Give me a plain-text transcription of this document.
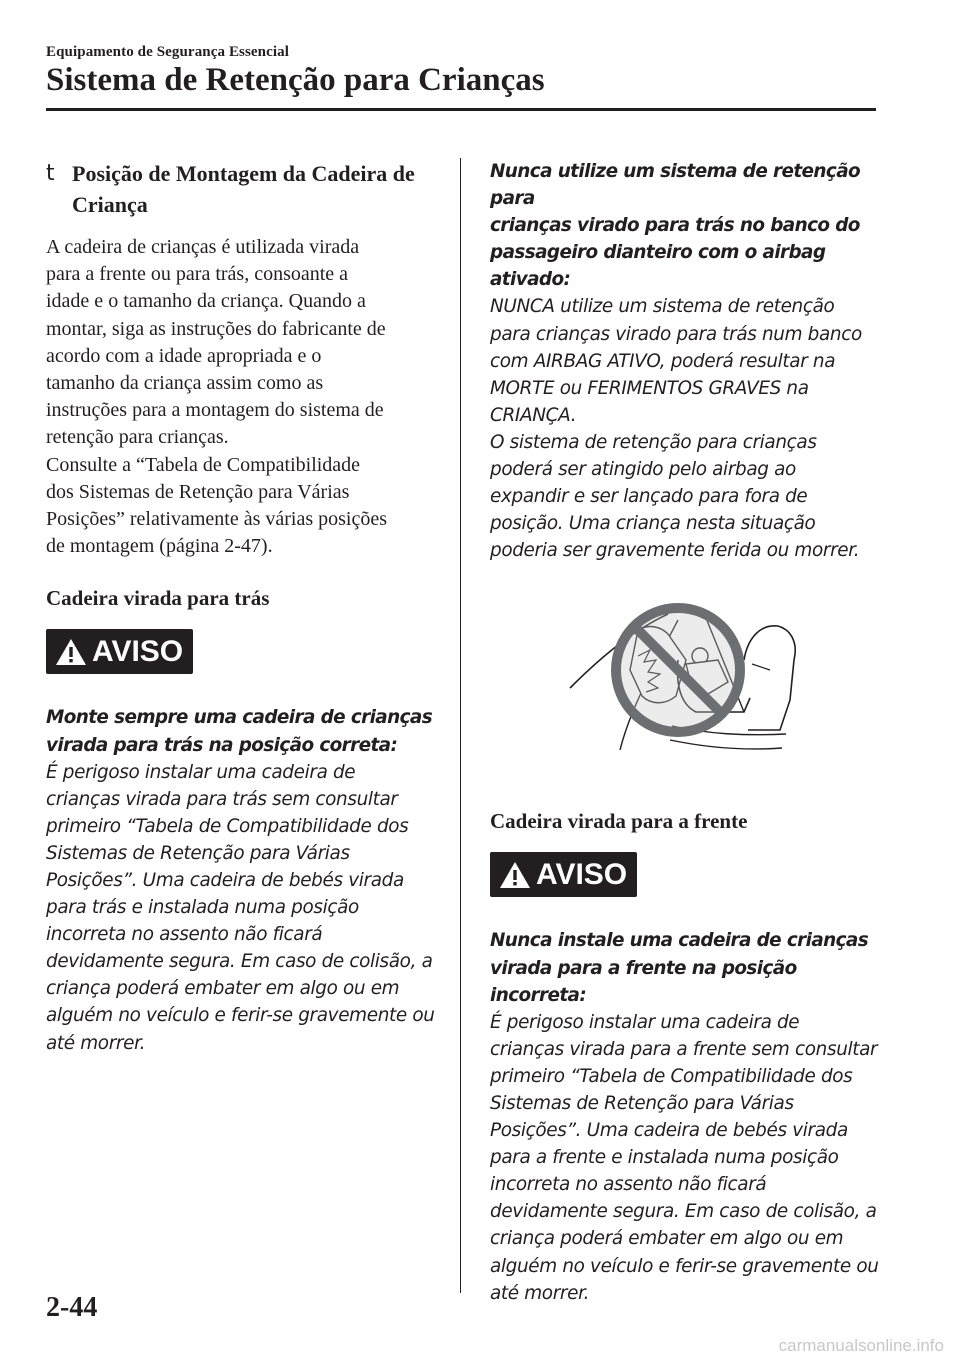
Equipamento de Segurança Essencial
Sistema de Retenção para Crianças
t Posição de Montagem da Cadeira de Criança

A cadeira de crianças é utilizada virada

para a frente ou para trás, consoante a

idade e o tamanho da criança. Quando a

montar, siga as instruções do fabricante de

acordo com a idade apropriada e o

tamanho da criança assim como as

instruções para a montagem do sistema de

retenção para crianças.

Consulte a “Tabela de Compatibilidade

dos Sistemas de Retenção para Várias

Posições” relativamente às várias posições

de montagem (página 2-47).

Cadeira virada para trás
AVISO

Monte sempre uma cadeira de crianças

virada para trás na posição correta:

É perigoso instalar uma cadeira de

crianças virada para trás sem consultar

primeiro “Tabela de Compatibilidade dos

Sistemas de Retenção para Várias

Posições”. Uma cadeira de bebés virada

para trás e instalada numa posição

incorreta no assento não ficará

devidamente segura. Em caso de colisão, a

criança poderá embater em algo ou em

alguém no veículo e ferir-se gravemente ou

até morrer.

Nunca utilize um sistema de retenção para

crianças virado para trás no banco do

passageiro dianteiro com o airbag ativado:

NUNCA utilize um sistema de retenção

para crianças virado para trás num banco

com AIRBAG ATIVO, poderá resultar na

MORTE ou FERIMENTOS GRAVES na

CRIANÇA.

O sistema de retenção para crianças

poderá ser atingido pelo airbag ao

expandir e ser lançado para fora de

posição. Uma criança nesta situação

poderia ser gravemente ferida ou morrer.

Cadeira virada para a frente
AVISO

Nunca instale uma cadeira de crianças

virada para a frente na posição incorreta:

É perigoso instalar uma cadeira de

crianças virada para a frente sem consultar

primeiro “Tabela de Compatibilidade dos

Sistemas de Retenção para Várias

Posições”. Uma cadeira de bebés virada

para a frente e instalada numa posição

incorreta no assento não ficará

devidamente segura. Em caso de colisão, a

criança poderá embater em algo ou em

alguém no veículo e ferir-se gravemente ou

até morrer.

2-44
carmanualsonline.info
